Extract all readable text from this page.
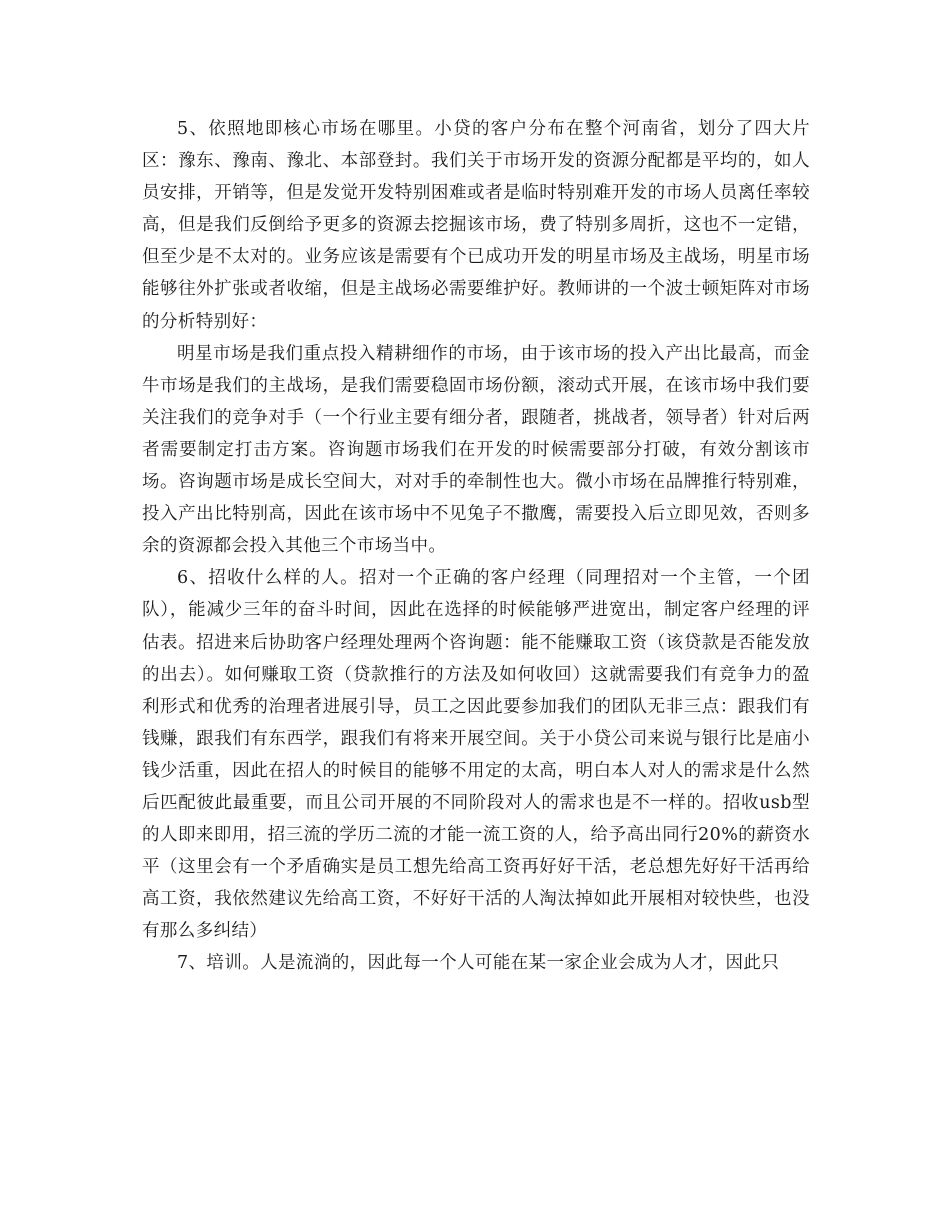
5、依照地即核心市场在哪里。小贷的客户分布在整个河南省，划分了四大片区：豫东、豫南、豫北、本部登封。我们关于市场开发的资源分配都是平均的，如人员安排，开销等，但是发觉开发特别困难或者是临时特别难开发的市场人员离任率较高，但是我们反倒给予更多的资源去挖掘该市场，费了特别多周折，这也不一定错，但至少是不太对的。业务应该是需要有个已成功开发的明星市场及主战场，明星市场能够往外扩张或者收缩，但是主战场必需要维护好。教师讲的一个波士顿矩阵对市场的分析特别好：

明星市场是我们重点投入精耕细作的市场，由于该市场的投入产出比最高，而金牛市场是我们的主战场，是我们需要稳固市场份额，滚动式开展，在该市场中我们要关注我们的竞争对手（一个行业主要有细分者，跟随者，挑战者，领导者）针对后两者需要制定打击方案。咨询题市场我们在开发的时候需要部分打破，有效分割该市场。咨询题市场是成长空间大，对对手的牵制性也大。微小市场在品牌推行特别难，投入产出比特别高，因此在该市场中不见兔子不撒鹰，需要投入后立即见效，否则多余的资源都会投入其他三个市场当中。

6、招收什么样的人。招对一个正确的客户经理（同理招对一个主管，一个团队），能减少三年的奋斗时间，因此在选择的时候能够严进宽出，制定客户经理的评估表。招进来后协助客户经理处理两个咨询题：能不能赚取工资（该贷款是否能发放的出去）。如何赚取工资（贷款推行的方法及如何收回）这就需要我们有竞争力的盈利形式和优秀的治理者进展引导，员工之因此要参加我们的团队无非三点：跟我们有钱赚，跟我们有东西学，跟我们有将来开展空间。关于小贷公司来说与银行比是庙小钱少活重，因此在招人的时候目的能够不用定的太高，明白本人对人的需求是什么然后匹配彼此最重要，而且公司开展的不同阶段对人的需求也是不一样的。招收usb型的人即来即用，招三流的学历二流的才能一流工资的人，给予高出同行20%的薪资水平（这里会有一个矛盾确实是员工想先给高工资再好好干活，老总想先好好干活再给高工资，我依然建议先给高工资，不好好干活的人淘汰掉如此开展相对较快些，也没有那么多纠结）

7、培训。人是流淌的，因此每一个人可能在某一家企业会成为人才，因此只
